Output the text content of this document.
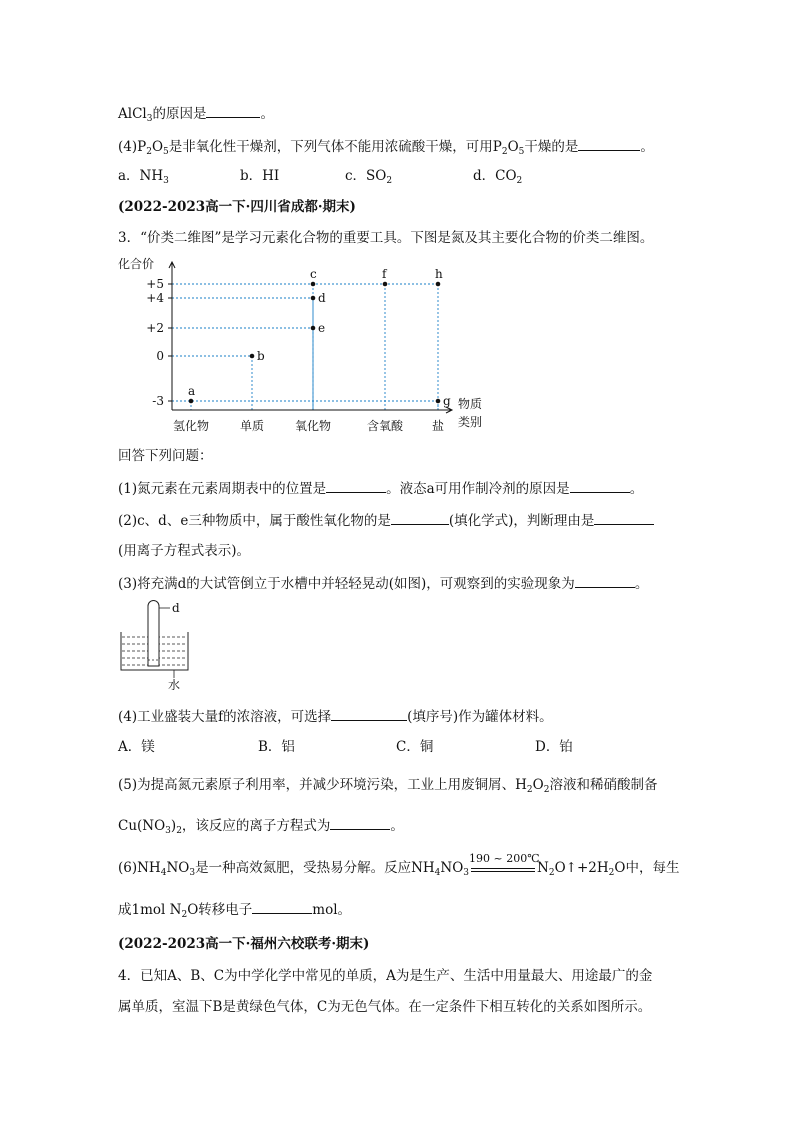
AlCl$_3$的原因是	。
$(4)P_2O_5$是非氧化性干燥剂，下列气体不能用浓硫酸干燥，可用$P_2O_5$干燥的是	。
a．$NH_3$	b．HI	c．$SO_2$	d．$CO_2$
(2022-2023高一下·四川省成都·期末)
3．“价类二维图”是学习元素化合物的重要工具。下图是氮及其主要化合物的价类二维图。
化合价
物质
类别
+5
+4
+2
0
-3
氢化物	单质	氧化物	含氧酸 盐
a
b
c
d
e
f	h
g
回答下列问题：
(1)氮元素在元素周期表中的位置是	。液态a可用作制冷剂的原因是	。
(2)c、d、e三种物质中，属于酸性氧化物的是	(填化学式)，判断理由是
(用离子方程式表示)。
(3)将充满d的大试管倒立于水槽中并轻轻晃动(如图)，可观察到的实验现象为	。
d
水
(4)工业盛装大量f的浓溶液，可选择	(填序号)作为罐体材料。
A．镁	B．铝	C．铜	D．铂
(5)为提高氮元素原子利用率，并减少环境污染，工业上用废铜屑、$H_2O_2$溶液和稀硝酸制备
$Cu(NO_3)_2$，该反应的离子方程式为	。
$(6)NH_4NO_3$是一种高效氮肥，受热易分解。反应$NH_4NO_3$
190 ~ 200℃
$N_2O↑+2H_2O$中，每生
成1mol $N_2O$转移电子	mol。
(2022-2023高一下·福州六校联考·期末)
4．已知A、B、C为中学化学中常见的单质，A为是生产、生活中用量最大、用途最广的金
属单质，室温下B是黄绿色气体，C为无色气体。在一定条件下相互转化的关系如图所示。
